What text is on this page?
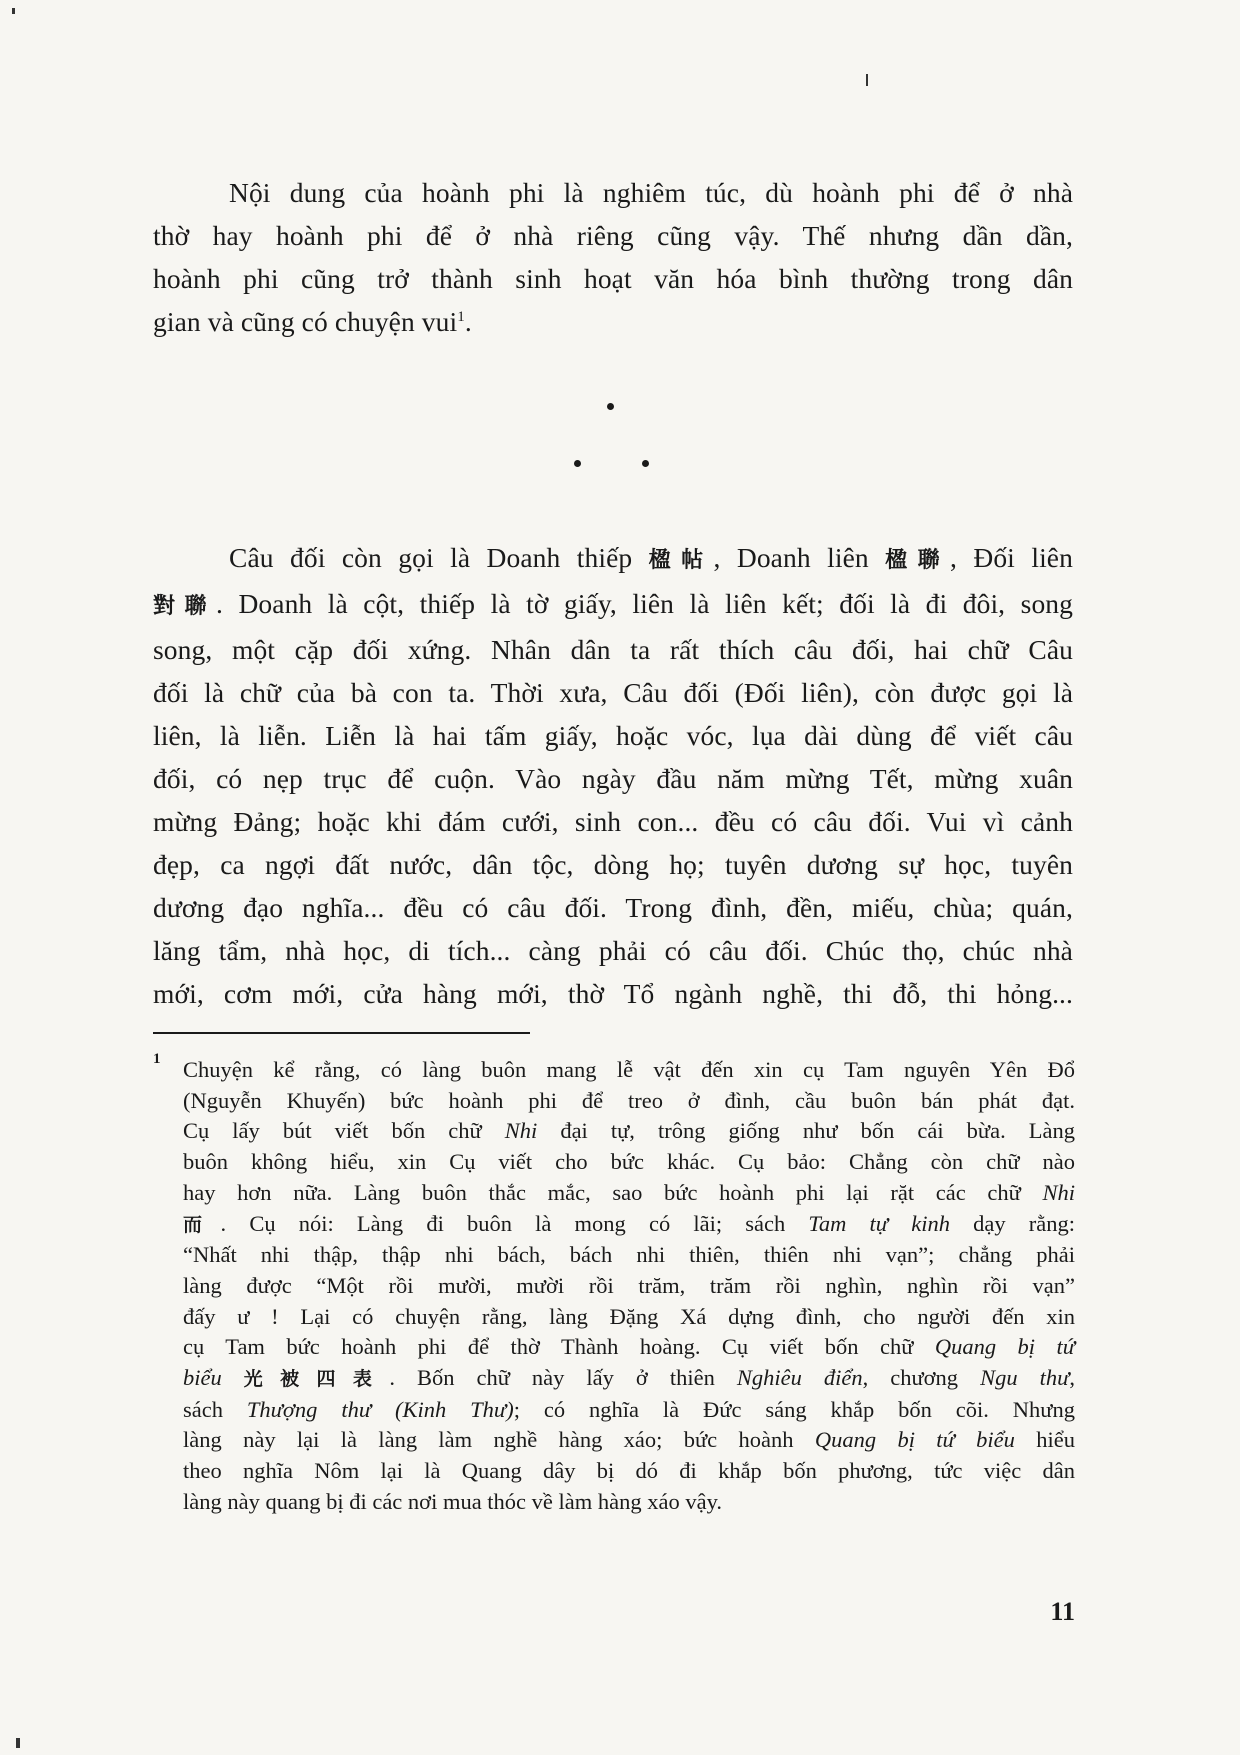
Nội dung của hoành phi là nghiêm túc, dù hoành phi để ở nhà
thờ hay hoành phi để ở nhà riêng cũng vậy. Thế nhưng dần dần,
hoành phi cũng trở thành sinh hoạt văn hóa bình thường trong dân
gian và cũng có chuyện vui$^1$.
Câu đối còn gọi là Doanh thiếp 楹帖, Doanh liên 楹聯, Đối liên
對聯. Doanh là cột, thiếp là tờ giấy, liên là liên kết; đối là đi đôi, song
song, một cặp đối xứng. Nhân dân ta rất thích câu đối, hai chữ Câu
đối là chữ của bà con ta. Thời xưa, Câu đối (Đối liên), còn được gọi là
liên, là liễn. Liễn là hai tấm giấy, hoặc vóc, lụa dài dùng để viết câu
đối, có nẹp trục để cuộn. Vào ngày đầu năm mừng Tết, mừng xuân
mừng Đảng; hoặc khi đám cưới, sinh con... đều có câu đối. Vui vì cảnh
đẹp, ca ngợi đất nước, dân tộc, dòng họ; tuyên dương sự học, tuyên
dương đạo nghĩa... đều có câu đối. Trong đình, đền, miếu, chùa; quán,
lăng tẩm, nhà học, di tích... càng phải có câu đối. Chúc thọ, chúc nhà
mới, cơm mới, cửa hàng mới, thờ Tổ ngành nghề, thi đỗ, thi hỏng...
1 Chuyện kể rằng, có làng buôn mang lễ vật đến xin cụ Tam nguyên Yên Đổ
(Nguyễn Khuyến) bức hoành phi để treo ở đình, cầu buôn bán phát đạt.
Cụ lấy bút viết bốn chữ Nhi đại tự, trông giống như bốn cái bừa. Làng
buôn không hiểu, xin Cụ viết cho bức khác. Cụ bảo: Chẳng còn chữ nào
hay hơn nữa. Làng buôn thắc mắc, sao bức hoành phi lại rặt các chữ Nhi
而. Cụ nói: Làng đi buôn là mong có lãi; sách Tam tự kinh dạy rằng:
“Nhất nhi thập, thập nhi bách, bách nhi thiên, thiên nhi vạn”; chẳng phải
làng được “Một rồi mười, mười rồi trăm, trăm rồi nghìn, nghìn rồi vạn”
đấy ư ! Lại có chuyện rằng, làng Đặng Xá dựng đình, cho người đến xin
cụ Tam bức hoành phi để thờ Thành hoàng. Cụ viết bốn chữ Quang bị tứ
biểu 光被四表. Bốn chữ này lấy ở thiên Nghiêu điển, chương Ngu thư,
sách Thượng thư (Kinh Thư); có nghĩa là Đức sáng khắp bốn cõi. Nhưng
làng này lại là làng làm nghề hàng xáo; bức hoành Quang bị tứ biểu hiểu
theo nghĩa Nôm lại là Quang dây bị dó đi khắp bốn phương, tức việc dân
làng này quang bị đi các nơi mua thóc về làm hàng xáo vậy.
11
